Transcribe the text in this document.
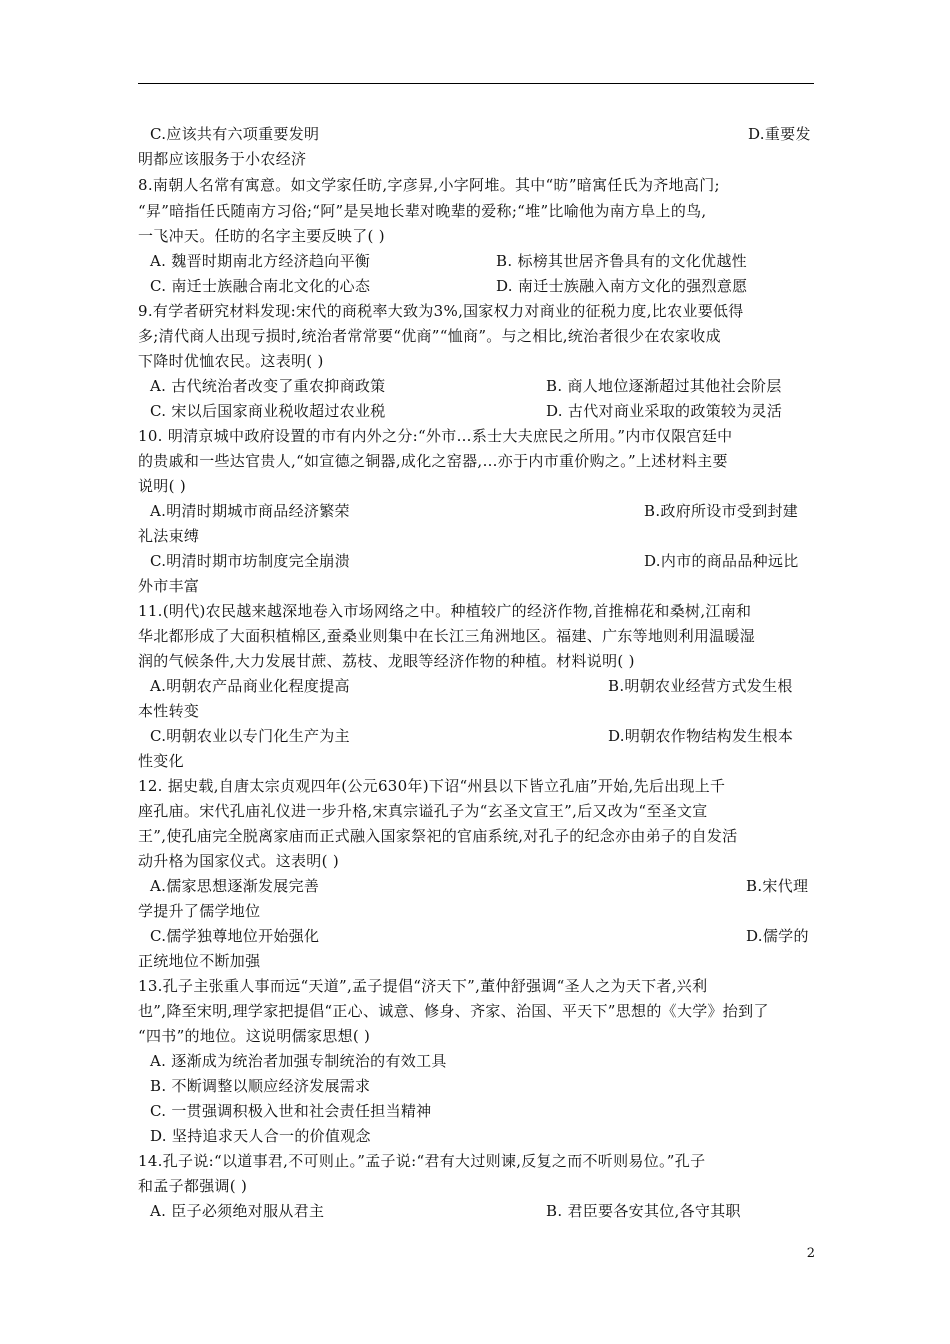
C.应该共有六项重要发明	D.重要发
明都应该服务于小农经济
8.南朝人名常有寓意。如文学家任昉,字彦昇,小字阿堆。其中“昉”暗寓任氏为齐地高门;
“昇”暗指任氏随南方习俗;“阿”是吴地长辈对晚辈的爱称;“堆”比喻他为南方阜上的鸟,
一飞冲天。任昉的名字主要反映了( )
A. 魏晋时期南北方经济趋向平衡	B. 标榜其世居齐鲁具有的文化优越性
C. 南迁士族融合南北文化的心态	D. 南迁士族融入南方文化的强烈意愿
9.有学者研究材料发现:宋代的商税率大致为3%,国家权力对商业的征税力度,比农业要低得
多;清代商人出现亏损时,统治者常常要“优商”“恤商”。与之相比,统治者很少在农家收成
下降时优恤农民。这表明( )
A. 古代统治者改变了重农抑商政策	B. 商人地位逐渐超过其他社会阶层
C. 宋以后国家商业税收超过农业税	D. 古代对商业采取的政策较为灵活
10. 明清京城中政府设置的市有内外之分:“外市…系士大夫庶民之所用。”内市仅限宫廷中
的贵戚和一些达官贵人,“如宣德之铜器,成化之窑器,…亦于内市重价购之。”上述材料主要
说明( )
A.明清时期城市商品经济繁荣	B.政府所设市受到封建
礼法束缚
C.明清时期市坊制度完全崩溃	D.内市的商品品种远比
外市丰富
11.(明代)农民越来越深地卷入市场网络之中。种植较广的经济作物,首推棉花和桑树,江南和
华北都形成了大面积植棉区,蚕桑业则集中在长江三角洲地区。福建、广东等地则利用温暖湿
润的气候条件,大力发展甘蔗、荔枝、龙眼等经济作物的种植。材料说明( )
A.明朝农产品商业化程度提高	B.明朝农业经营方式发生根
本性转变
C.明朝农业以专门化生产为主	D.明朝农作物结构发生根本
性变化
12. 据史载,自唐太宗贞观四年(公元630年)下诏“州县以下皆立孔庙”开始,先后出现上千
座孔庙。宋代孔庙礼仪进一步升格,宋真宗谥孔子为“玄圣文宣王”,后又改为“至圣文宣
王”,使孔庙完全脱离家庙而正式融入国家祭祀的官庙系统,对孔子的纪念亦由弟子的自发活
动升格为国家仪式。这表明( )
A.儒家思想逐渐发展完善	B.宋代理
学提升了儒学地位
C.儒学独尊地位开始强化	D.儒学的
正统地位不断加强
13.孔子主张重人事而远“天道”,孟子提倡“济天下”,董仲舒强调“圣人之为天下者,兴利
也”,降至宋明,理学家把提倡“正心、诚意、修身、齐家、治国、平天下”思想的《大学》抬到了
“四书”的地位。这说明儒家思想( )
A. 逐渐成为统治者加强专制统治的有效工具
B. 不断调整以顺应经济发展需求
C. 一贯强调积极入世和社会责任担当精神
D. 坚持追求天人合一的价值观念
14.孔子说:“以道事君,不可则止。”孟子说:“君有大过则谏,反复之而不听则易位。”孔子
和孟子都强调( )
A. 臣子必须绝对服从君主	B. 君臣要各安其位,各守其职
2
